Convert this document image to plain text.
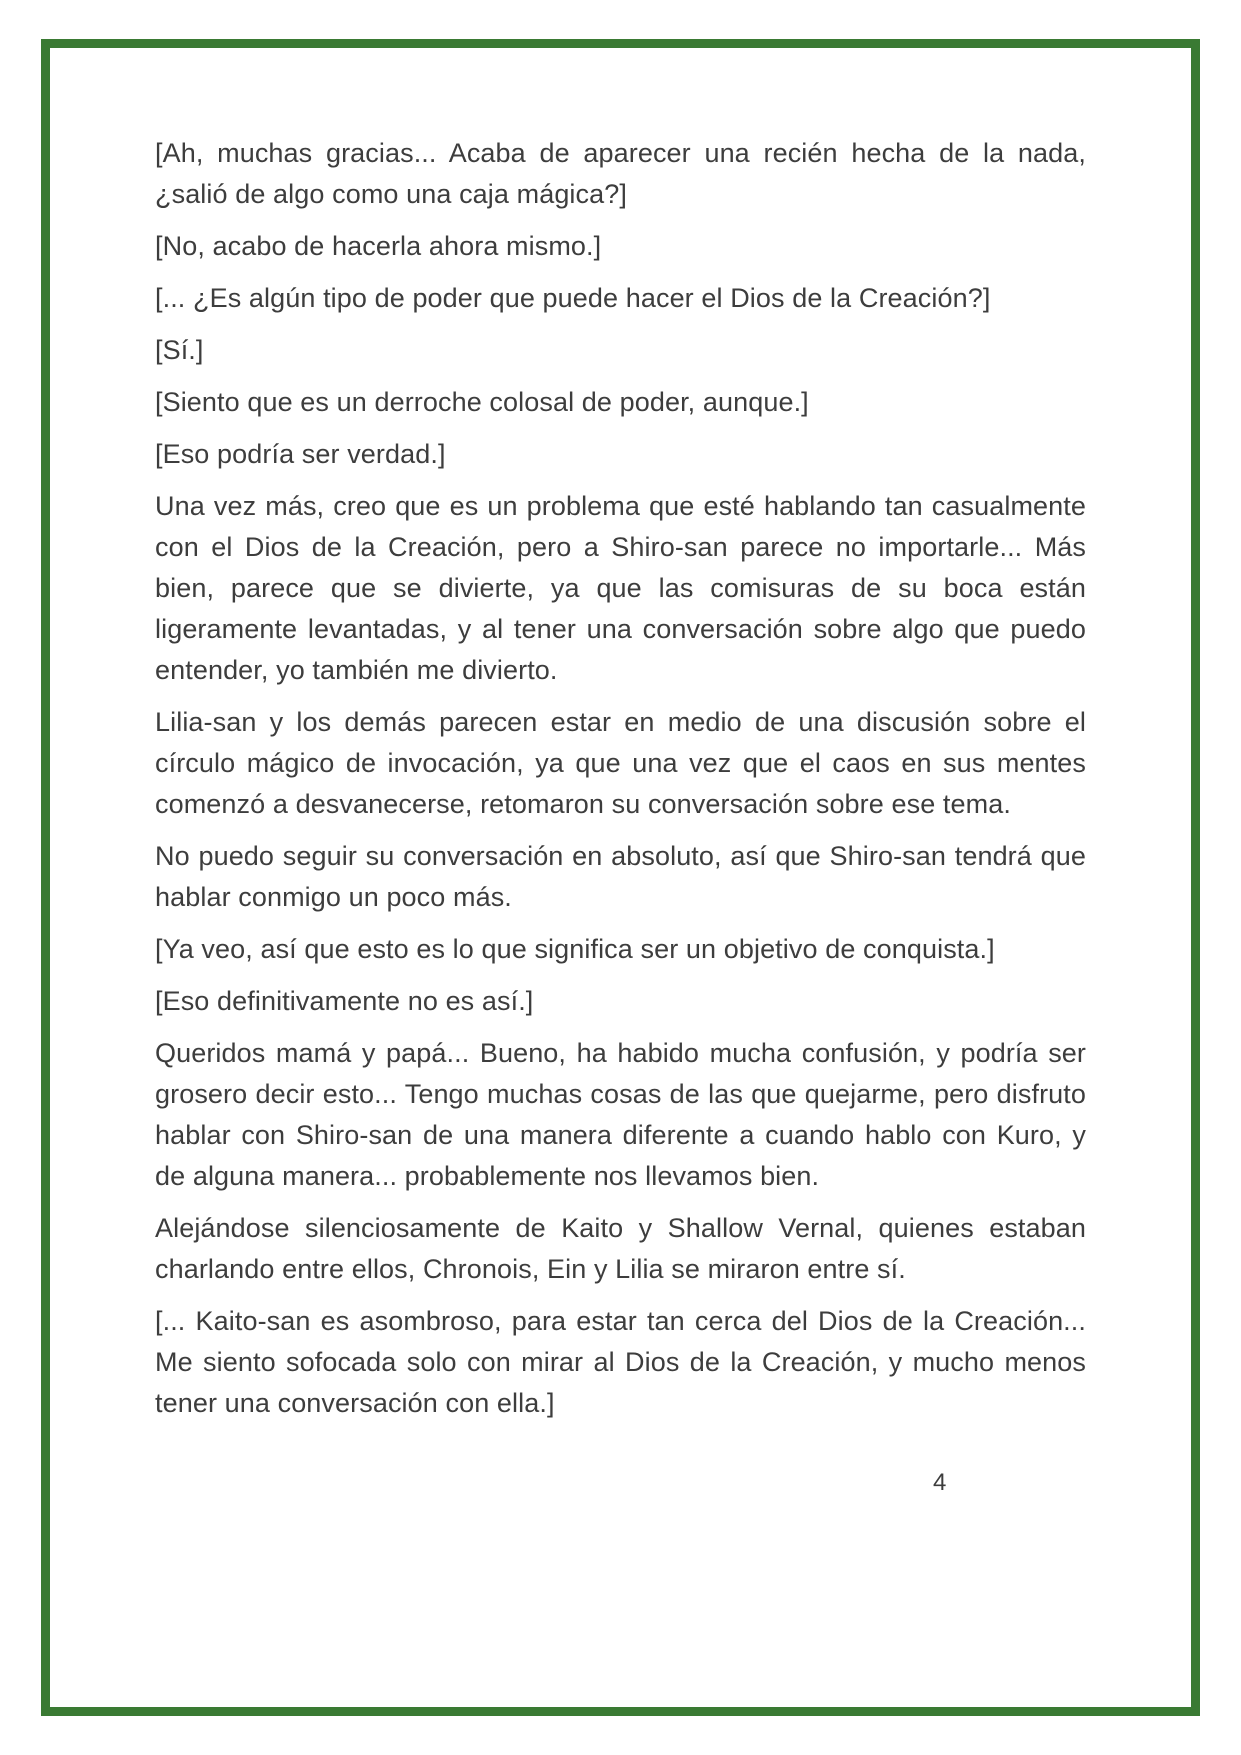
[Ah, muchas gracias... Acaba de aparecer una recién hecha de la nada, ¿salió de algo como una caja mágica?]

[No, acabo de hacerla ahora mismo.]

[... ¿Es algún tipo de poder que puede hacer el Dios de la Creación?]

[Sí.]

[Siento que es un derroche colosal de poder, aunque.]

[Eso podría ser verdad.]

Una vez más, creo que es un problema que esté hablando tan casualmente con el Dios de la Creación, pero a Shiro-san parece no importarle... Más bien, parece que se divierte, ya que las comisuras de su boca están ligeramente levantadas, y al tener una conversación sobre algo que puedo entender, yo también me divierto.

Lilia-san y los demás parecen estar en medio de una discusión sobre el círculo mágico de invocación, ya que una vez que el caos en sus mentes comenzó a desvanecerse, retomaron su conversación sobre ese tema.

No puedo seguir su conversación en absoluto, así que Shiro-san tendrá que hablar conmigo un poco más.

[Ya veo, así que esto es lo que significa ser un objetivo de conquista.]

[Eso definitivamente no es así.]

Queridos mamá y papá... Bueno, ha habido mucha confusión, y podría ser grosero decir esto... Tengo muchas cosas de las que quejarme, pero disfruto hablar con Shiro-san de una manera diferente a cuando hablo con Kuro, y de alguna manera... probablemente nos llevamos bien.

Alejándose silenciosamente de Kaito y Shallow Vernal, quienes estaban charlando entre ellos, Chronois, Ein y Lilia se miraron entre sí.

[... Kaito-san es asombroso, para estar tan cerca del Dios de la Creación... Me siento sofocada solo con mirar al Dios de la Creación, y mucho menos tener una conversación con ella.]

4
